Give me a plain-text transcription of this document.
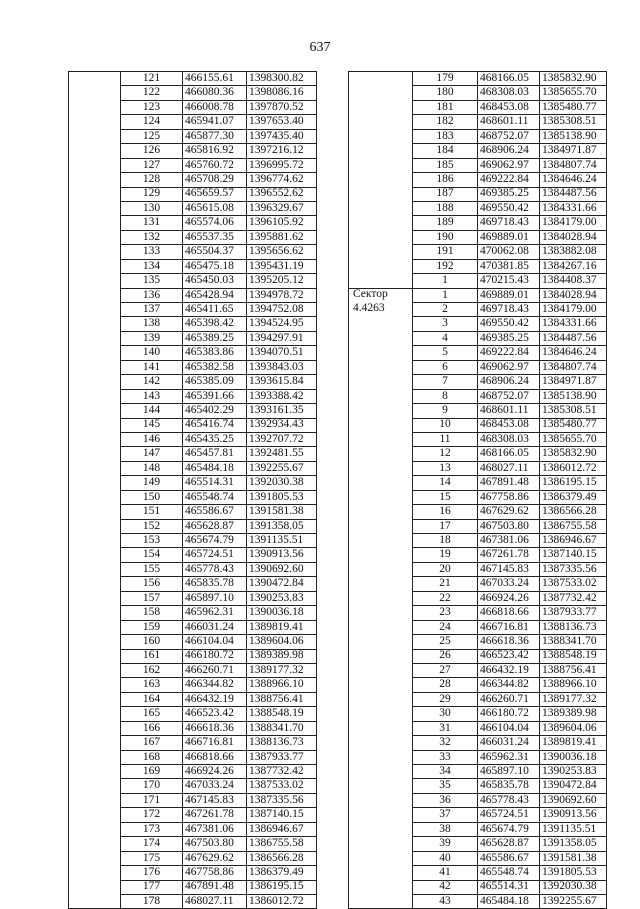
637
	121	466155.61	1398300.82
	122	466080.36	1398086.16
	123	466008.78	1397870.52
	124	465941.07	1397653.40
	125	465877.30	1397435.40
	126	465816.92	1397216.12
	127	465760.72	1396995.72
	128	465708.29	1396774.62
	129	465659.57	1396552.62
	130	465615.08	1396329.67
	131	465574.06	1396105.92
	132	465537.35	1395881.62
	133	465504.37	1395656.62
	134	465475.18	1395431.19
	135	465450.03	1395205.12
	136	465428.94	1394978.72
	137	465411.65	1394752.08
	138	465398.42	1394524.95
	139	465389.25	1394297.91
	140	465383.86	1394070.51
	141	465382.58	1393843.03
	142	465385.09	1393615.84
	143	465391.66	1393388.42
	144	465402.29	1393161.35
	145	465416.74	1392934.43
	146	465435.25	1392707.72
	147	465457.81	1392481.55
	148	465484.18	1392255.67
	149	465514.31	1392030.38
	150	465548.74	1391805.53
	151	465586.67	1391581.38
	152	465628.87	1391358.05
	153	465674.79	1391135.51
	154	465724.51	1390913.56
	155	465778.43	1390692.60
	156	465835.78	1390472.84
	157	465897.10	1390253.83
	158	465962.31	1390036.18
	159	466031.24	1389819.41
	160	466104.04	1389604.06
	161	466180.72	1389389.98
	162	466260.71	1389177.32
	163	466344.82	1388966.10
	164	466432.19	1388756.41
	165	466523.42	1388548.19
	166	466618.36	1388341.70
	167	466716.81	1388136.73
	168	466818.66	1387933.77
	169	466924.26	1387732.42
	170	467033.24	1387533.02
	171	467145.83	1387335.56
	172	467261.78	1387140.15
	173	467381.06	1386946.67
	174	467503.80	1386755.58
	175	467629.62	1386566.28
	176	467758.86	1386379.49
	177	467891.48	1386195.15
	178	468027.11	1386012.72
	179	468166.05	1385832.90
	180	468308.03	1385655.70
	181	468453.08	1385480.77
	182	468601.11	1385308.51
	183	468752.07	1385138.90
	184	468906.24	1384971.87
	185	469062.97	1384807.74
	186	469222.84	1384646.24
	187	469385.25	1384487.56
	188	469550.42	1384331.66
	189	469718.43	1384179.00
	190	469889.01	1384028.94
	191	470062.08	1383882.08
	192	470381.85	1384267.16
	1	470215.43	1384408.37
Сектор	1	469889.01	1384028.94
4.4263	2	469718.43	1384179.00
	3	469550.42	1384331.66
	4	469385.25	1384487.56
	5	469222.84	1384646.24
	6	469062.97	1384807.74
	7	468906.24	1384971.87
	8	468752.07	1385138.90
	9	468601.11	1385308.51
	10	468453.08	1385480.77
	11	468308.03	1385655.70
	12	468166.05	1385832.90
	13	468027.11	1386012.72
	14	467891.48	1386195.15
	15	467758.86	1386379.49
	16	467629.62	1386566.28
	17	467503.80	1386755.58
	18	467381.06	1386946.67
	19	467261.78	1387140.15
	20	467145.83	1387335.56
	21	467033.24	1387533.02
	22	466924.26	1387732.42
	23	466818.66	1387933.77
	24	466716.81	1388136.73
	25	466618.36	1388341.70
	26	466523.42	1388548.19
	27	466432.19	1388756.41
	28	466344.82	1388966.10
	29	466260.71	1389177.32
	30	466180.72	1389389.98
	31	466104.04	1389604.06
	32	466031.24	1389819.41
	33	465962.31	1390036.18
	34	465897.10	1390253.83
	35	465835.78	1390472.84
	36	465778.43	1390692.60
	37	465724.51	1390913.56
	38	465674.79	1391135.51
	39	465628.87	1391358.05
	40	465586.67	1391581.38
	41	465548.74	1391805.53
	42	465514.31	1392030.38
	43	465484.18	1392255.67
